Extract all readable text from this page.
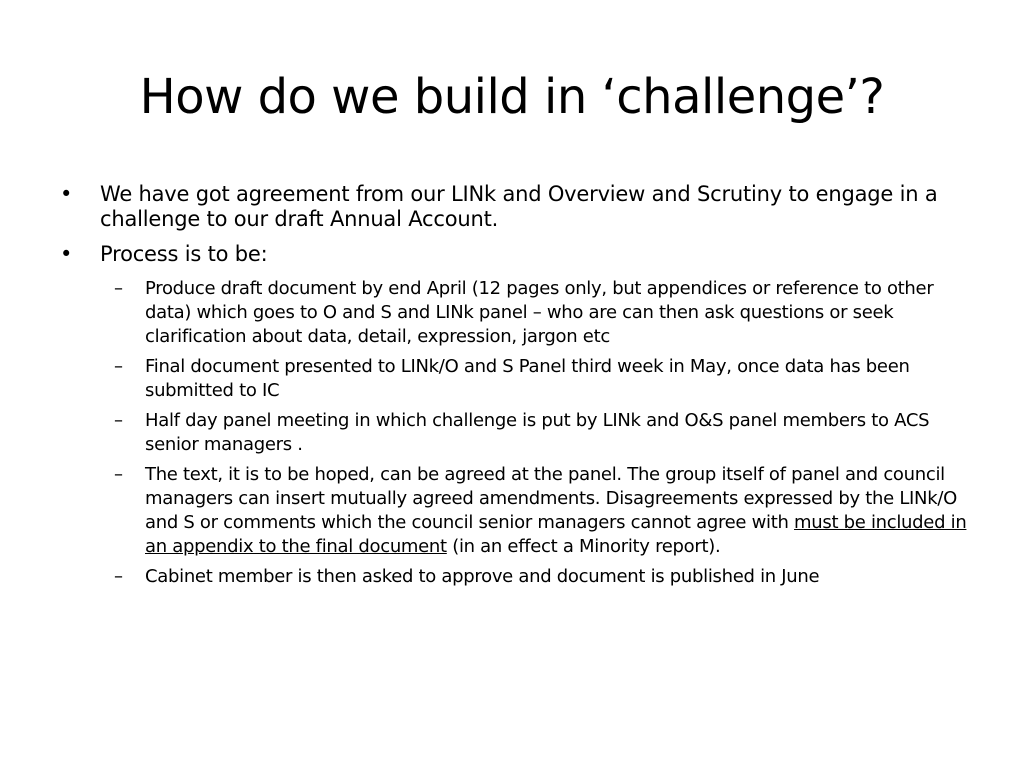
How do we build in ‘challenge’?
• We have got agreement from our LINk and Overview and Scrutiny to engage in a challenge to our draft Annual Account.
• Process is to be:
– Produce draft document by end April (12 pages only, but appendices or reference to other data) which goes to O and S and LINk panel – who are can then ask questions or seek clarification about data, detail, expression, jargon etc
– Final document presented to LINk/O and S Panel third week in May, once data has been submitted to IC
– Half day panel meeting in which challenge is put by LINk and O&S panel members to ACS senior managers .
– The text, it is to be hoped, can be agreed at the panel. The group itself of panel and council managers can insert mutually agreed amendments. Disagreements expressed by the LINk/O and S or comments which the council senior managers cannot agree with must be included in an appendix to the final document (in an effect a Minority report).
– Cabinet member is then asked to approve and document is published in June
